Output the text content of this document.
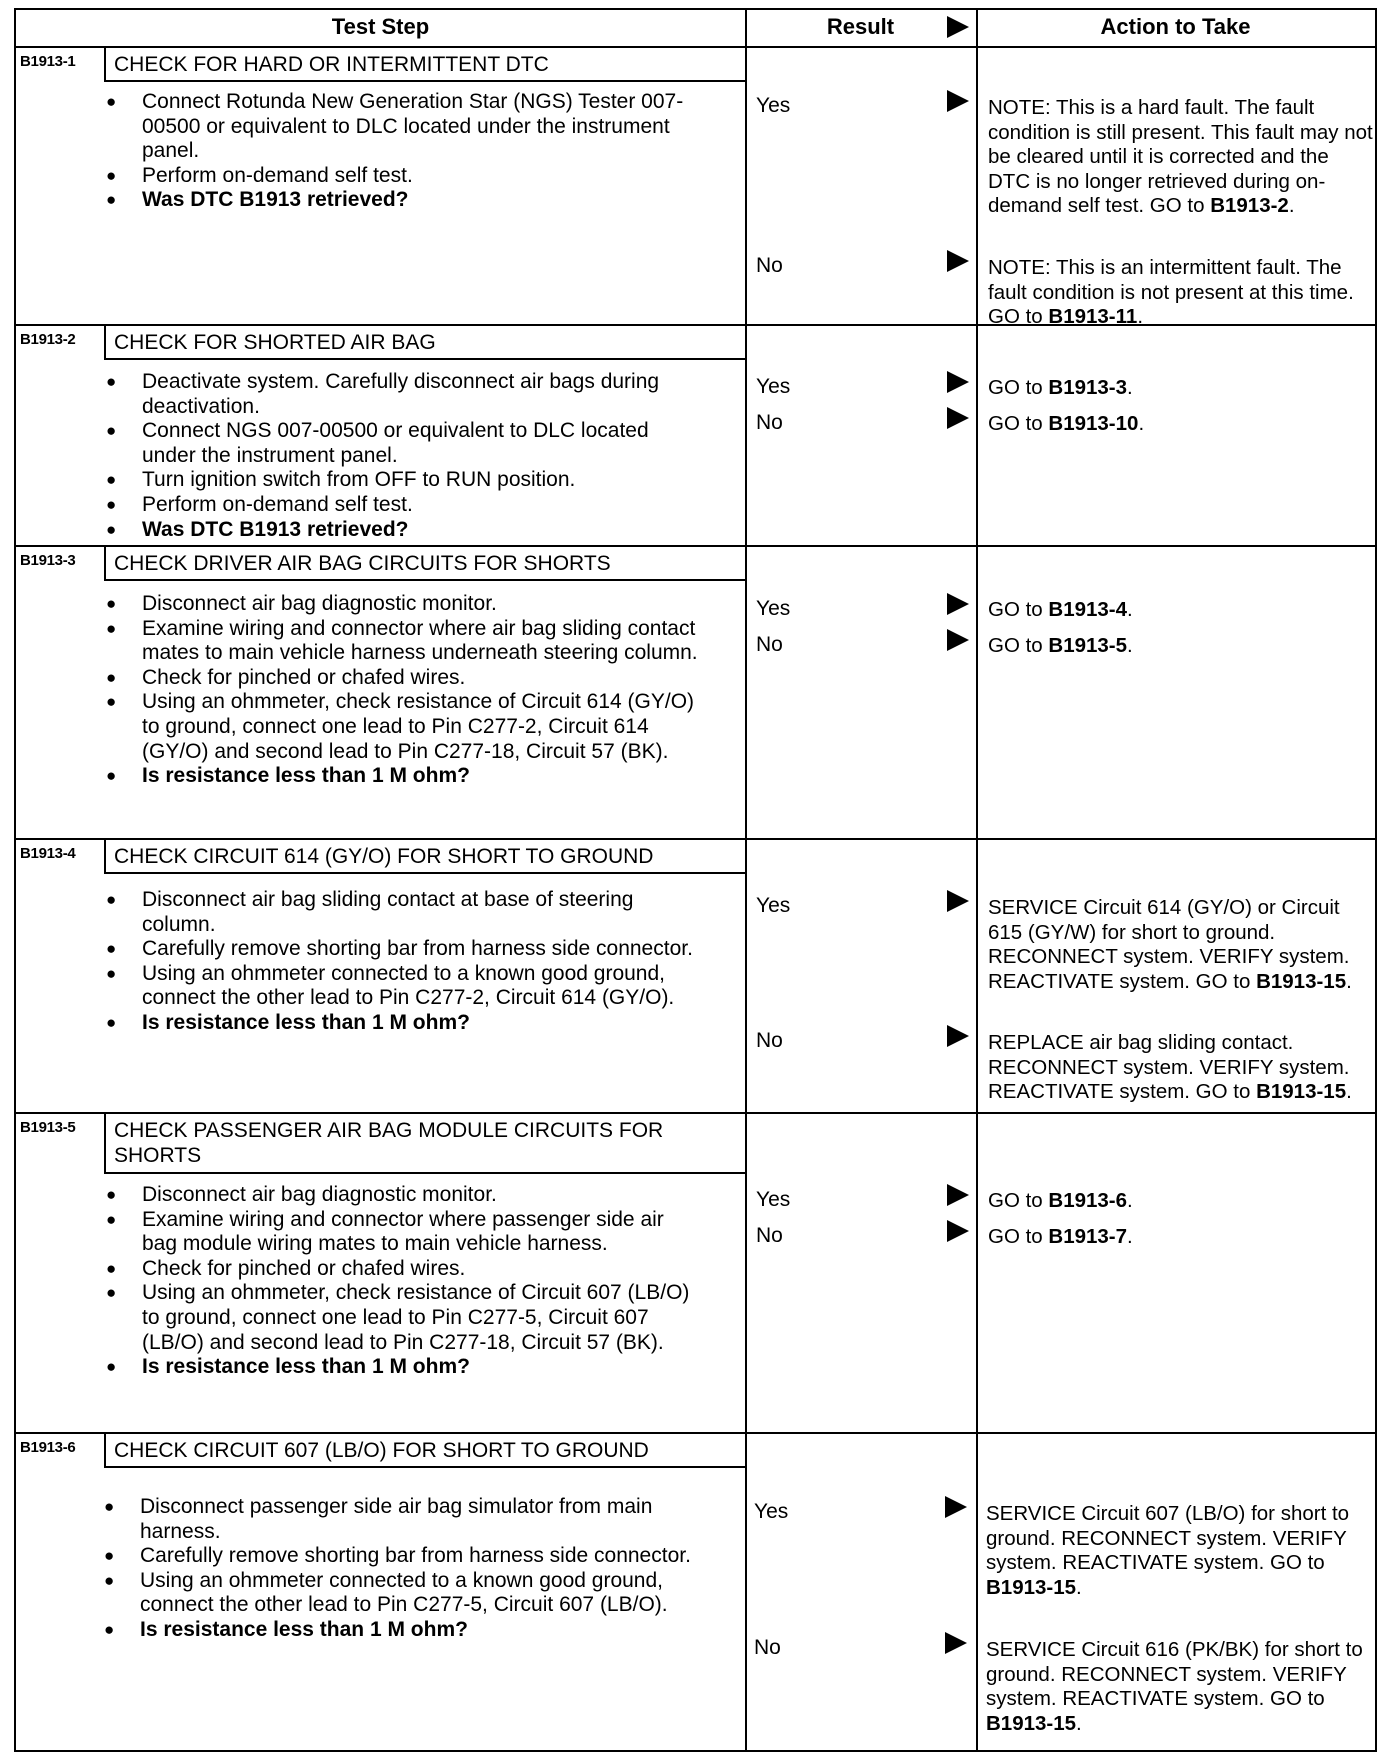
Test Step	Result	Action to Take
B1913-1	CHECK FOR HARD OR INTERMITTENT DTC
● Connect Rotunda New Generation Star (NGS) Tester 007-00500 or equivalent to DLC located under the instrument panel.
● Perform on-demand self test.
● Was DTC B1913 retrieved?
Yes	NOTE: This is a hard fault. The fault condition is still present. This fault may not be cleared until it is corrected and the DTC is no longer retrieved during on-demand self test. GO to B1913-2.
No	NOTE: This is an intermittent fault. The fault condition is not present at this time. GO to B1913-11.
B1913-2	CHECK FOR SHORTED AIR BAG
● Deactivate system. Carefully disconnect air bags during deactivation.
● Connect NGS 007-00500 or equivalent to DLC located under the instrument panel.
● Turn ignition switch from OFF to RUN position.
● Perform on-demand self test.
● Was DTC B1913 retrieved?
Yes	GO to B1913-3.
No	GO to B1913-10.
B1913-3	CHECK DRIVER AIR BAG CIRCUITS FOR SHORTS
● Disconnect air bag diagnostic monitor.
● Examine wiring and connector where air bag sliding contact mates to main vehicle harness underneath steering column.
● Check for pinched or chafed wires.
● Using an ohmmeter, check resistance of Circuit 614 (GY/O) to ground, connect one lead to Pin C277-2, Circuit 614 (GY/O) and second lead to Pin C277-18, Circuit 57 (BK).
● Is resistance less than 1 M ohm?
Yes	GO to B1913-4.
No	GO to B1913-5.
B1913-4	CHECK CIRCUIT 614 (GY/O) FOR SHORT TO GROUND
● Disconnect air bag sliding contact at base of steering column.
● Carefully remove shorting bar from harness side connector.
● Using an ohmmeter connected to a known good ground, connect the other lead to Pin C277-2, Circuit 614 (GY/O).
● Is resistance less than 1 M ohm?
Yes	SERVICE Circuit 614 (GY/O) or Circuit 615 (GY/W) for short to ground. RECONNECT system. VERIFY system. REACTIVATE system. GO to B1913-15.
No	REPLACE air bag sliding contact. RECONNECT system. VERIFY system. REACTIVATE system. GO to B1913-15.
B1913-5	CHECK PASSENGER AIR BAG MODULE CIRCUITS FOR SHORTS
● Disconnect air bag diagnostic monitor.
● Examine wiring and connector where passenger side air bag module wiring mates to main vehicle harness.
● Check for pinched or chafed wires.
● Using an ohmmeter, check resistance of Circuit 607 (LB/O) to ground, connect one lead to Pin C277-5, Circuit 607 (LB/O) and second lead to Pin C277-18, Circuit 57 (BK).
● Is resistance less than 1 M ohm?
Yes	GO to B1913-6.
No	GO to B1913-7.
B1913-6	CHECK CIRCUIT 607 (LB/O) FOR SHORT TO GROUND
● Disconnect passenger side air bag simulator from main harness.
● Carefully remove shorting bar from harness side connector.
● Using an ohmmeter connected to a known good ground, connect the other lead to Pin C277-5, Circuit 607 (LB/O).
● Is resistance less than 1 M ohm?
Yes	SERVICE Circuit 607 (LB/O) for short to ground. RECONNECT system. VERIFY system. REACTIVATE system. GO to B1913-15.
No	SERVICE Circuit 616 (PK/BK) for short to ground. RECONNECT system. VERIFY system. REACTIVATE system. GO to B1913-15.
